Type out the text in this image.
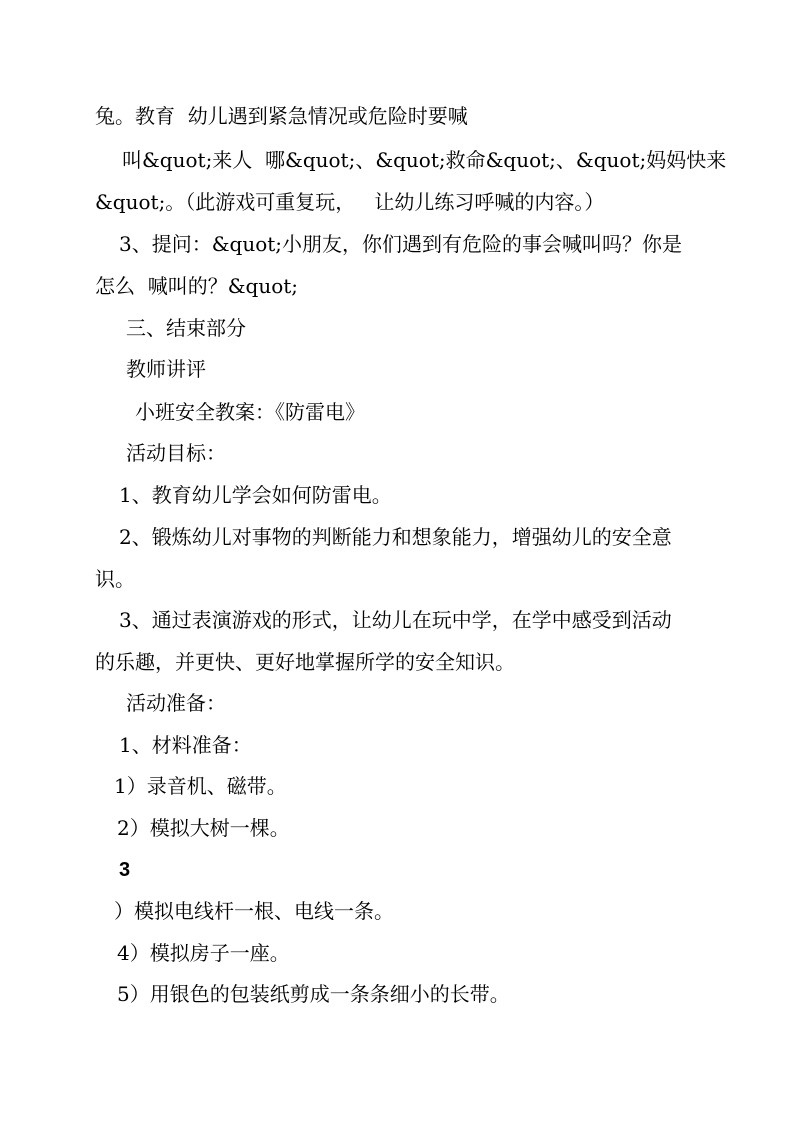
兔。教育  幼儿遇到紧急情况或危险时要喊
叫&quot;来人  哪&quot;、&quot;救命&quot;、&quot;妈妈快来
&quot;。（此游戏可重复玩，   让幼儿练习呼喊的内容。）
3、提问：&quot;小朋友，你们遇到有危险的事会喊叫吗？你是
怎么  喊叫的？&quot;
三、结束部分
教师讲评
小班安全教案：《防雷电》
活动目标：
1、教育幼儿学会如何防雷电。
2、锻炼幼儿对事物的判断能力和想象能力，增强幼儿的安全意
识。
3、通过表演游戏的形式，让幼儿在玩中学，在学中感受到活动
的乐趣，并更快、更好地掌握所学的安全知识。
活动准备：
1、材料准备：
1）录音机、磁带。
2）模拟大树一棵。
3
）模拟电线杆一根、电线一条。
4）模拟房子一座。
5）用银色的包装纸剪成一条条细小的长带。
